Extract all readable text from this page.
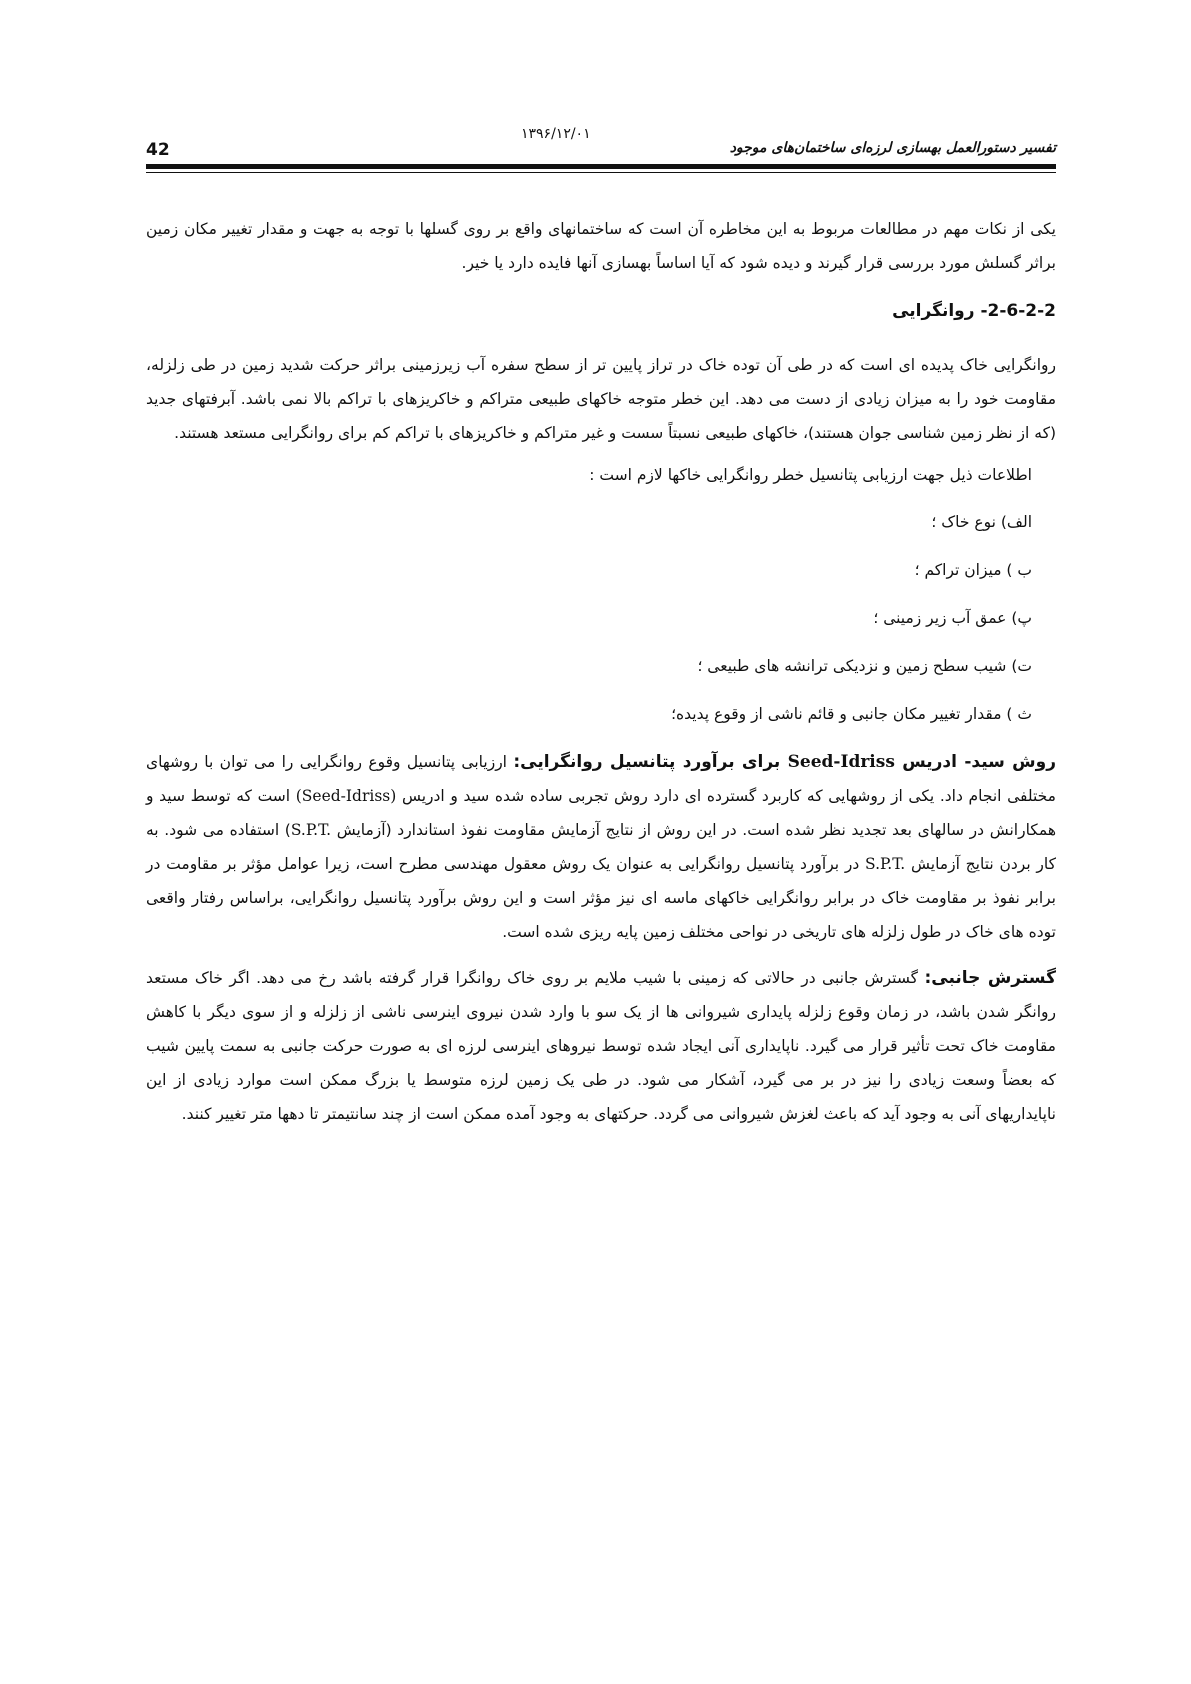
42
۱۳۹۶/۱۲/۰۱
تفسیر دستورالعمل بهسازی لرزه‌ای ساختمان‌های موجود

یکی از نکات مهم در مطالعات مربوط به این مخاطره آن است که ساختمانهای واقع بر روی گسلها با توجه به جهت و مقدار تغییر مکان زمین براثر گسلش مورد بررسی قرار گیرند و دیده شود که آیا اساساً بهسازی آنها فایده دارد یا خیر.

2-6-2-2- روانگرایی

روانگرایی خاک پدیده ای است که در طی آن توده خاک در تراز پایین تر از سطح سفره آب زیرزمینی براثر حرکت شدید زمین در طی زلزله، مقاومت خود را به میزان زیادی از دست می دهد. این خطر متوجه خاکهای طبیعی متراکم و خاکریزهای با تراکم بالا نمی باشد. آبرفتهای جدید (که از نظر زمین شناسی جوان هستند)، خاکهای طبیعی نسبتاً سست و غیر متراکم و خاکریزهای با تراکم کم برای روانگرایی مستعد هستند.

اطلاعات ذیل جهت ارزیابی پتانسیل خطر روانگرایی خاکها لازم است :

الف) نوع خاک ؛
ب ) میزان تراکم ؛
پ) عمق آب زیر زمینی ؛
ت) شیب سطح زمین و نزدیکی ترانشه های طبیعی ؛
ث ) مقدار تغییر مکان جانبی و قائم ناشی از وقوع پدیده؛

روش سید- ادریس Seed-Idriss برای برآورد پتانسیل روانگرایی: ارزیابی پتانسیل وقوع روانگرایی را می توان با روشهای مختلفی انجام داد. یکی از روشهایی که کاربرد گسترده ای دارد روش تجربی ساده شده سید و ادریس (Seed-Idriss) است که توسط سید و همکارانش در سالهای بعد تجدید نظر شده است. در این روش از نتایج آزمایش مقاومت نفوذ استاندارد (آزمایش S.P.T.) استفاده می شود. به کار بردن نتایج آزمایش S.P.T. در برآورد پتانسیل روانگرایی به عنوان یک روش معقول مهندسی مطرح است، زیرا عوامل مؤثر بر مقاومت در برابر نفوذ بر مقاومت خاک در برابر روانگرایی خاکهای ماسه ای نیز مؤثر است و این روش برآورد پتانسیل روانگرایی، براساس رفتار واقعی توده های خاک در طول زلزله های تاریخی در نواحی مختلف زمین پایه ریزی شده است.

گسترش جانبی: گسترش جانبی در حالاتی که زمینی با شیب ملایم بر روی خاک روانگرا قرار گرفته باشد رخ می دهد. اگر خاک مستعد روانگر شدن باشد، در زمان وقوع زلزله پایداری شیروانی ها از یک سو با وارد شدن نیروی اینرسی ناشی از زلزله و از سوی دیگر با کاهش مقاومت خاک تحت تأثیر قرار می گیرد. ناپایداری آنی ایجاد شده توسط نیروهای اینرسی لرزه ای به صورت حرکت جانبی به سمت پایین شیب که بعضاً وسعت زیادی را نیز در بر می گیرد، آشکار می شود. در طی یک زمین لرزه متوسط یا بزرگ ممکن است موارد زیادی از این ناپایداریهای آنی به وجود آید که باعث لغزش شیروانی می گردد. حرکتهای به وجود آمده ممکن است از چند سانتیمتر تا دهها متر تغییر کنند.
